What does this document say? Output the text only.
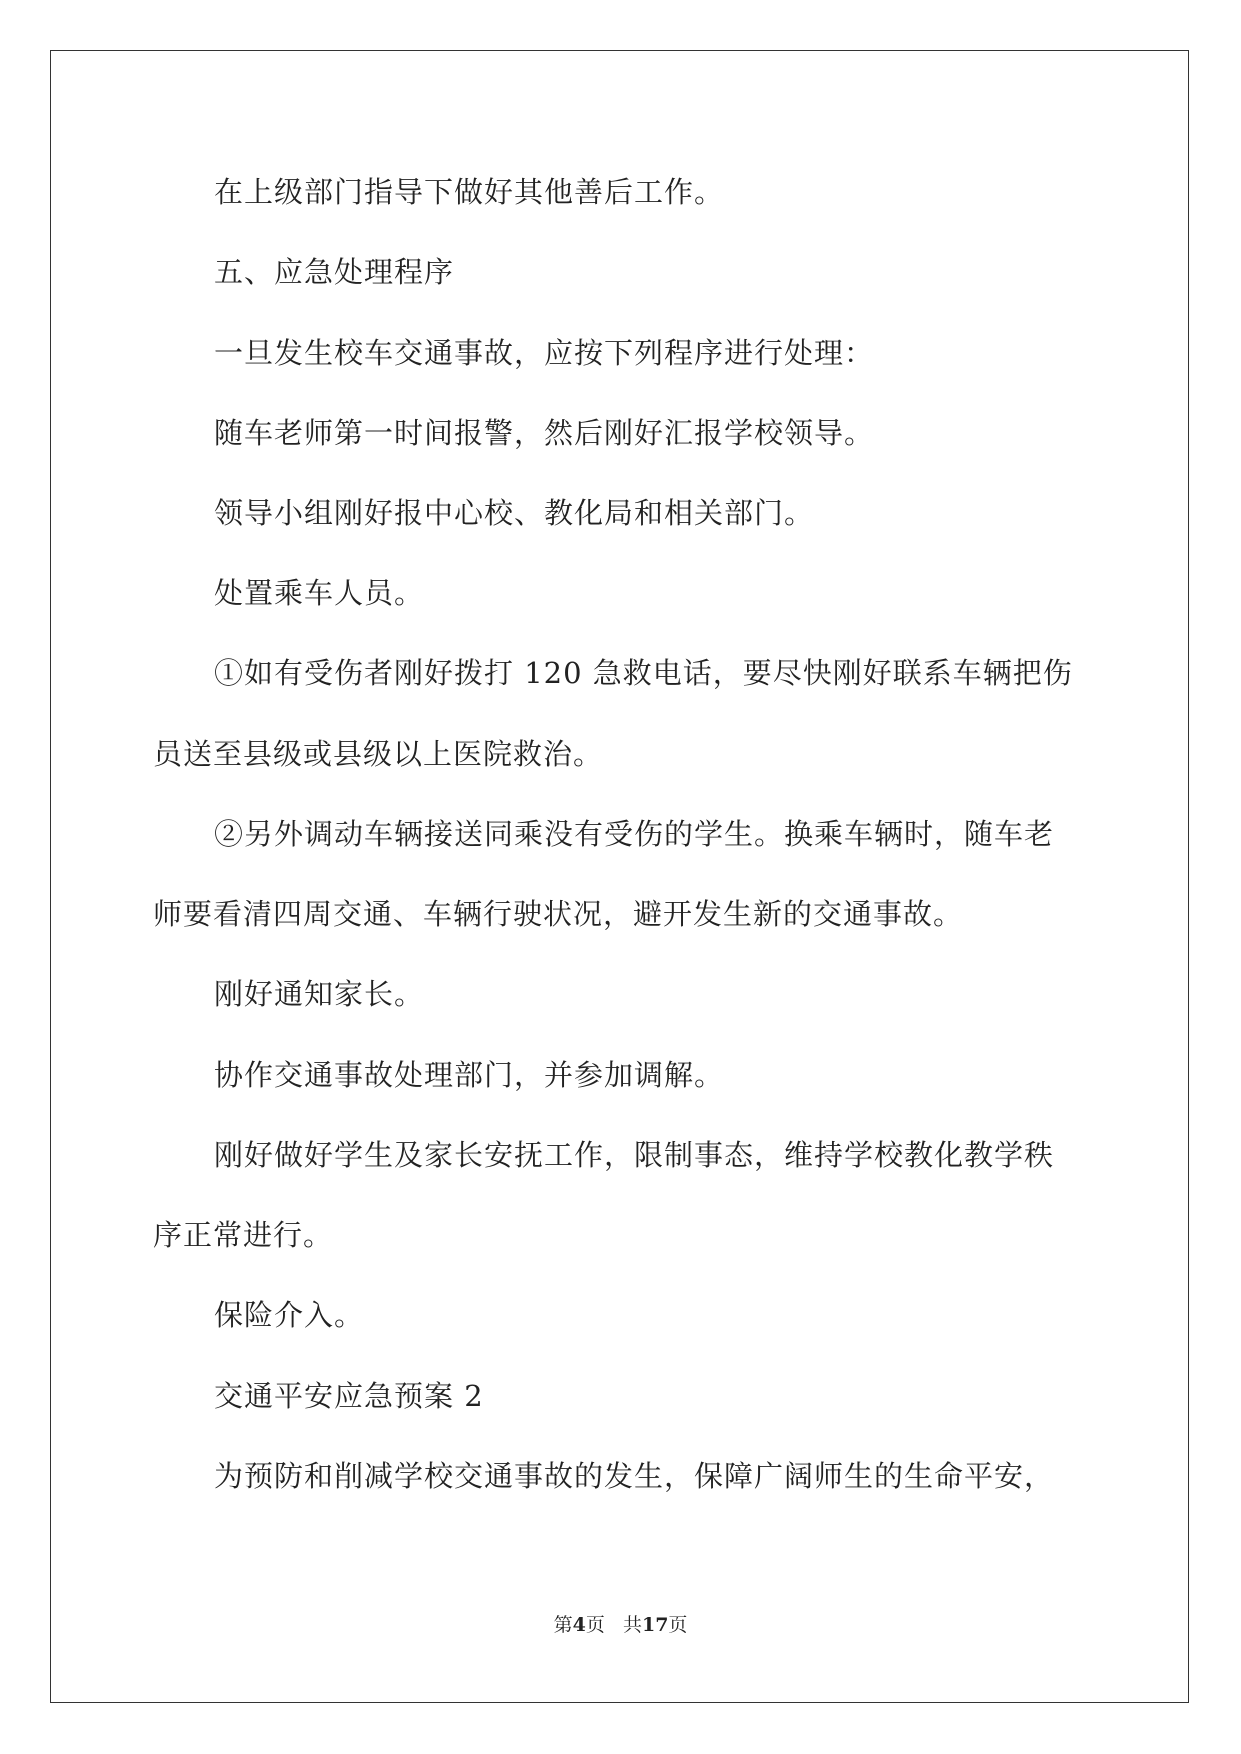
在上级部门指导下做好其他善后工作。
五、应急处理程序
一旦发生校车交通事故，应按下列程序进行处理：
随车老师第一时间报警，然后刚好汇报学校领导。
领导小组刚好报中心校、教化局和相关部门。
处置乘车人员。
①如有受伤者刚好拨打 120 急救电话，要尽快刚好联系车辆把伤
员送至县级或县级以上医院救治。
②另外调动车辆接送同乘没有受伤的学生。换乘车辆时，随车老
师要看清四周交通、车辆行驶状况，避开发生新的交通事故。
刚好通知家长。
协作交通事故处理部门，并参加调解。
刚好做好学生及家长安抚工作，限制事态，维持学校教化教学秩
序正常进行。
保险介入。
交通平安应急预案 2
为预防和削减学校交通事故的发生，保障广阔师生的生命平安，
第4页 共17页
